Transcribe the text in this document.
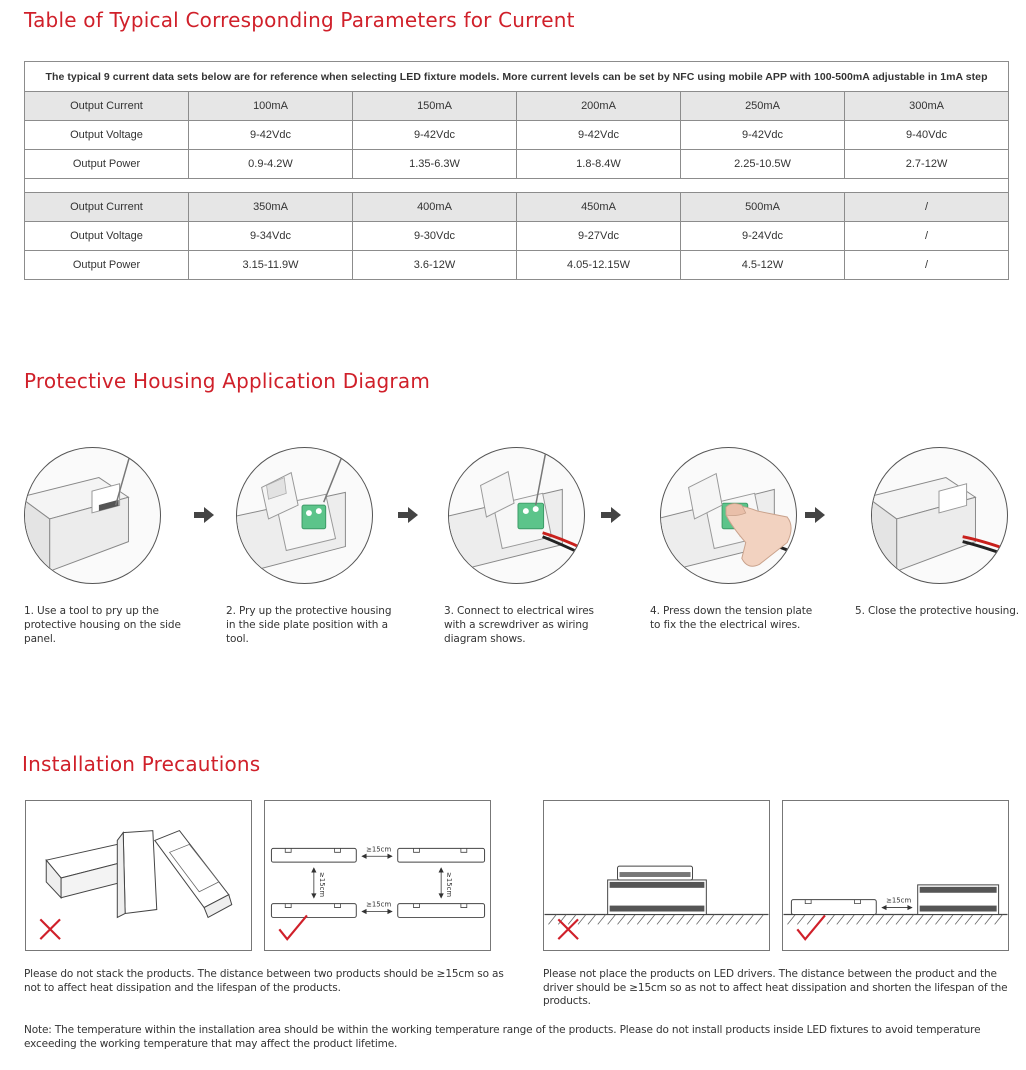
Table of Typical Corresponding Parameters for Current
The typical 9 current data sets below are for reference when selecting LED fixture models. More current levels can be set by NFC using mobile APP with 100-500mA adjustable in 1mA step					
Output Current	100mA	150mA	200mA	250mA	300mA
Output Voltage	9-42Vdc	9-42Vdc	9-42Vdc	9-42Vdc	9-40Vdc
Output Power	0.9-4.2W	1.35-6.3W	1.8-8.4W	2.25-10.5W	2.7-12W

Output Current	350mA	400mA	450mA	500mA	/
Output Voltage	9-34Vdc	9-30Vdc	9-27Vdc	9-24Vdc	/
Output Power	3.15-11.9W	3.6-12W	4.05-12.15W	4.5-12W	/
Protective Housing Application Diagram
1. Use a tool to pry up the protective housing on the side panel.
2. Pry up the protective housing in the side plate position with a tool.
3. Connect to electrical wires with a screwdriver as wiring diagram shows.
4. Press down the tension plate to fix the the electrical wires.
5. Close the protective housing.
Installation Precautions
≥15cm
≥15cm
≥15cm	≥15cm
≥15cm
Please do not stack the products. The distance between two products should be ≥15cm so as not to affect heat dissipation and the lifespan of the products.
Please not place the products on LED drivers. The distance between the product and the driver should be ≥15cm so as not to affect heat dissipation and shorten the lifespan of the products.
Note: The temperature within the installation area should be within the working temperature range of the products. Please do not install products inside LED fixtures to avoid temperature exceeding the working temperature that may affect the product lifetime.
